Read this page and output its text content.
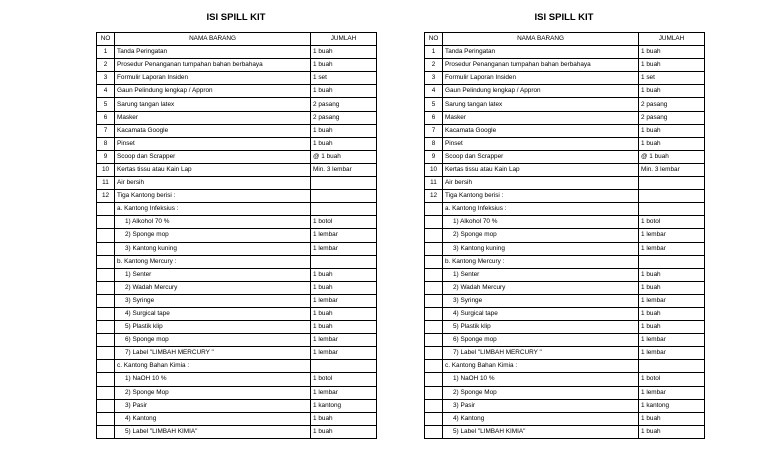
ISI SPILL KIT
NO	NAMA BARANG	JUMLAH
1	Tanda Peringatan	1 buah
2	Prosedur Penanganan tumpahan bahan berbahaya	1 buah
3	Formulir Laporan Insiden	1 set
4	Gaun Pelindung lengkap / Appron	1 buah
5	Sarung tangan latex	2 pasang
6	Masker	2 pasang
7	Kacamata Google	1 buah
8	Pinset	1 buah
9	Scoop dan Scrapper	@ 1 buah
10	Kertas tissu atau Kain Lap	Min. 3 lembar
11	Air bersih	
12	Tiga Kantong berisi :	
	a. Kantong Infeksius :	
	1) Alkohol 70 %	1 botol
	2) Sponge mop	1 lembar
	3) Kantong kuning	1 lembar
	b. Kantong Mercury :	
	1) Senter	1 buah
	2) Wadah Mercury	1 buah
	3) Syringe	1 lembar
	4) Surgical tape	1 buah
	5) Plastik klip	1 buah
	6) Sponge mop	1 lembar
	7) Label "LIMBAH MERCURY "	1 lembar
	c. Kantong Bahan Kimia :	
	1) NaOH 10 %	1 botol
	2) Sponge Mop	1 lembar
	3) Pasir	1 kantong
	4) Kantong	1 buah
	5) Label "LIMBAH KIMIA"	1 buah
ISI SPILL KIT
NO	NAMA BARANG	JUMLAH
1	Tanda Peringatan	1 buah
2	Prosedur Penanganan tumpahan bahan berbahaya	1 buah
3	Formulir Laporan Insiden	1 set
4	Gaun Pelindung lengkap / Appron	1 buah
5	Sarung tangan latex	2 pasang
6	Masker	2 pasang
7	Kacamata Google	1 buah
8	Pinset	1 buah
9	Scoop dan Scrapper	@ 1 buah
10	Kertas tissu atau Kain Lap	Min. 3 lembar
11	Air bersih	
12	Tiga Kantong berisi :	
	a. Kantong Infeksius :	
	1) Alkohol 70 %	1 botol
	2) Sponge mop	1 lembar
	3) Kantong kuning	1 lembar
	b. Kantong Mercury :	
	1) Senter	1 buah
	2) Wadah Mercury	1 buah
	3) Syringe	1 lembar
	4) Surgical tape	1 buah
	5) Plastik klip	1 buah
	6) Sponge mop	1 lembar
	7) Label "LIMBAH MERCURY "	1 lembar
	c. Kantong Bahan Kimia :	
	1) NaOH 10 %	1 botol
	2) Sponge Mop	1 lembar
	3) Pasir	1 kantong
	4) Kantong	1 buah
	5) Label "LIMBAH KIMIA"	1 buah
